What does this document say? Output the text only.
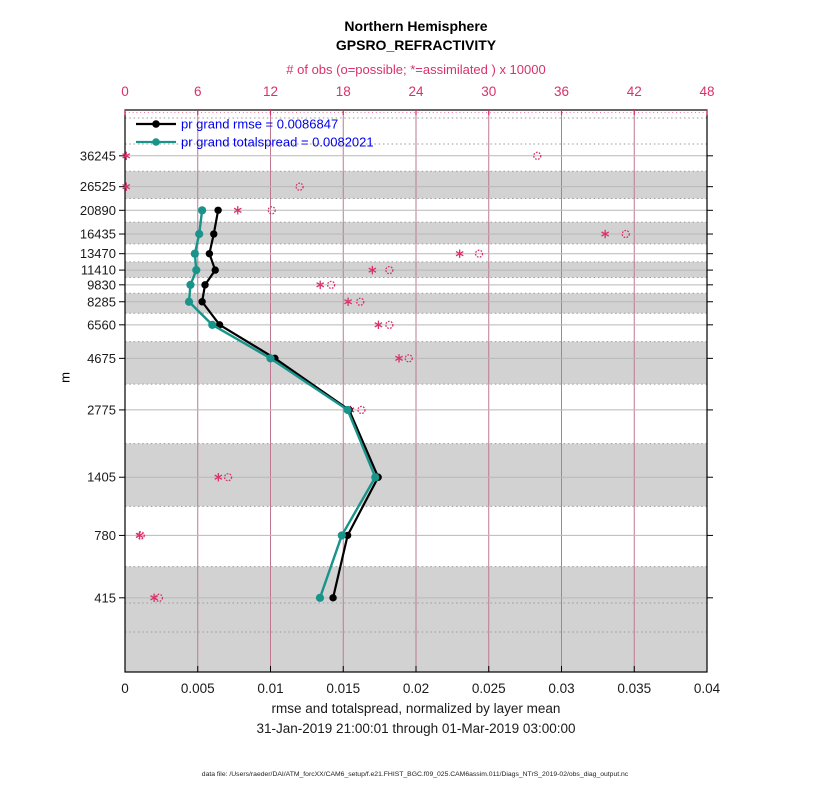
Northern Hemisphere
GPSRO_REFRACTIVITY
# of obs (o=possible; *=assimilated ) x 10000
m
0	6	12	18	24	30	36	42	48
0	0.005	0.01	0.015	0.02	0.025	0.03	0.035	0.04
36245
26525
20890
16435
13470
11410
9830
8285
6560
4675
2775
1405
780
415
pr grand rmse = 0.0086847
pr grand totalspread = 0.0082021
rmse and totalspread, normalized by layer mean
31-Jan-2019 21:00:01 through 01-Mar-2019 03:00:00
data file: /Users/raeder/DAI/ATM_forcXX/CAM6_setup/f.e21.FHIST_BGC.f09_025.CAM6assim.011/Diags_NTrS_2019-02/obs_diag_output.nc
